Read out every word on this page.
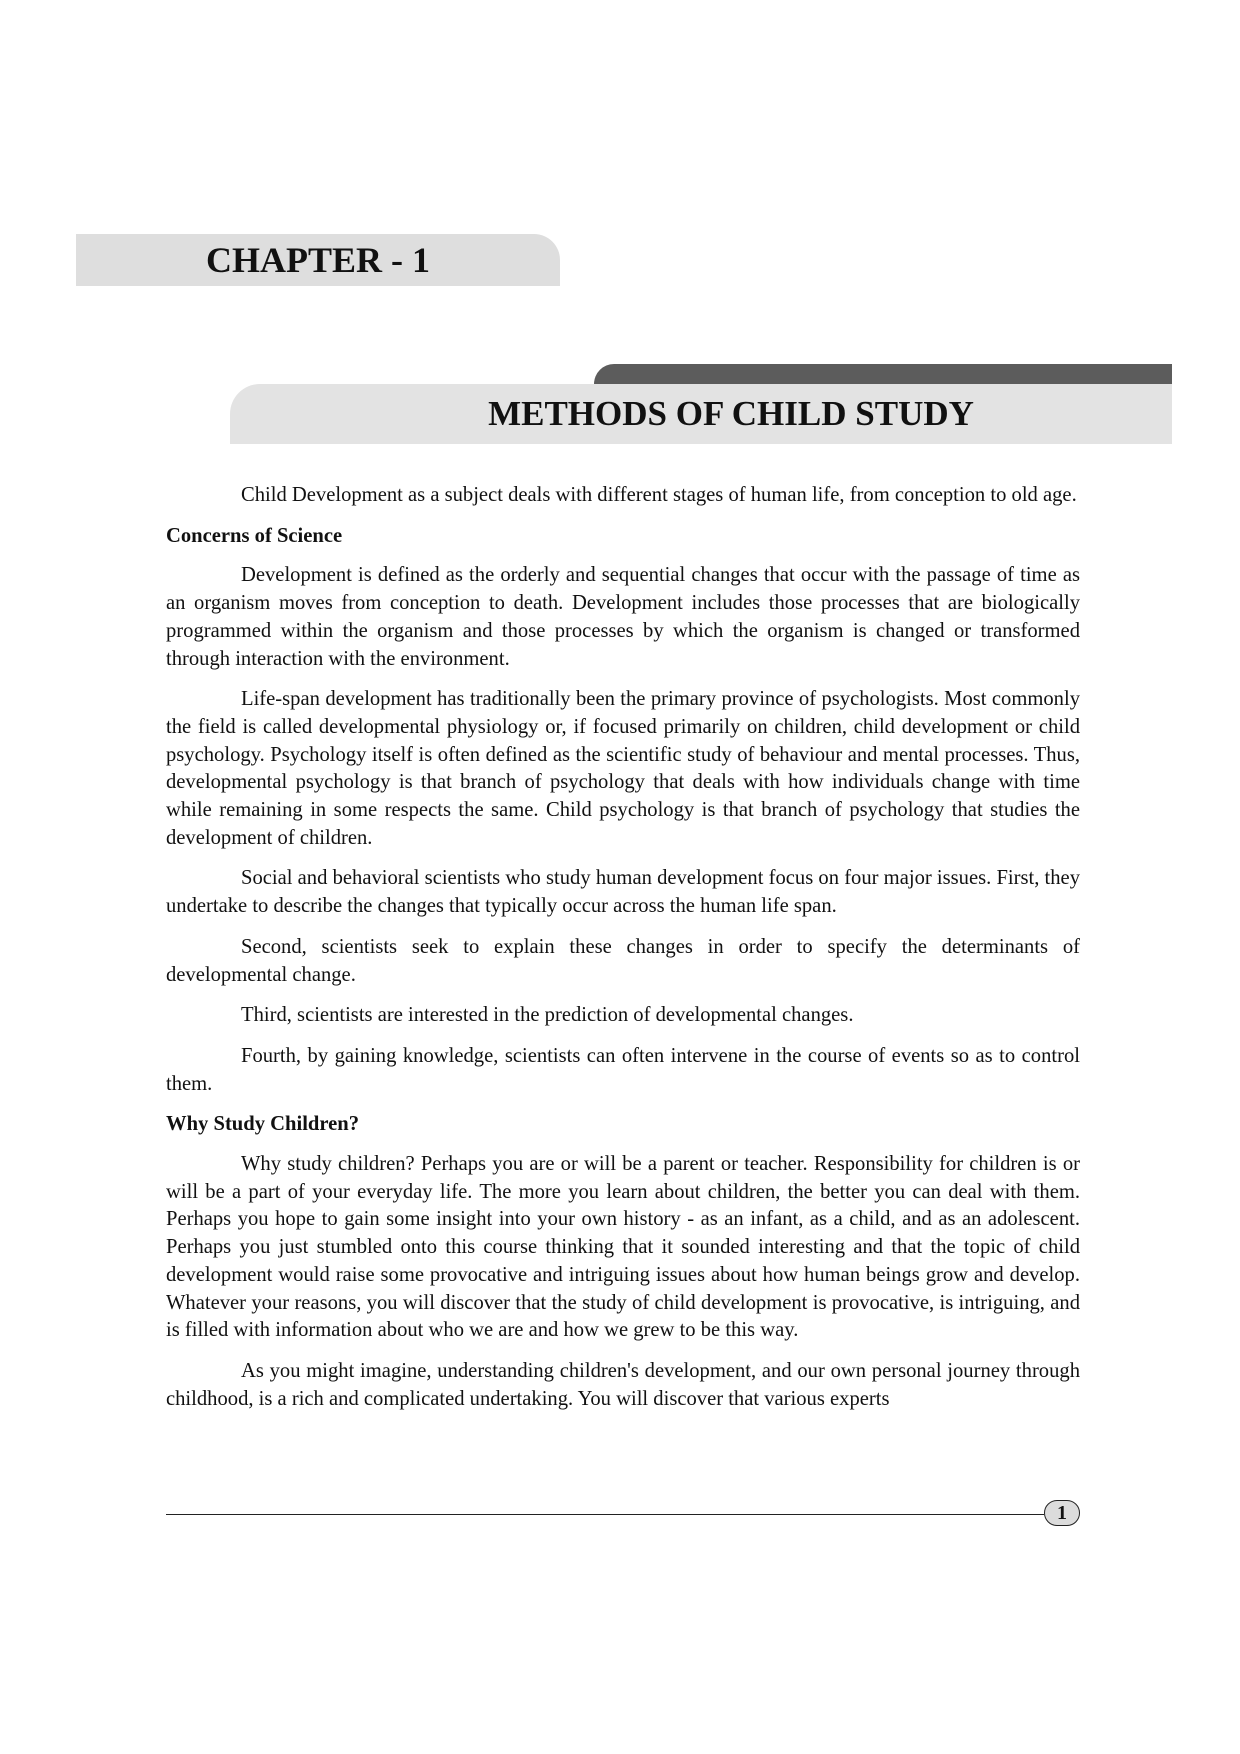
CHAPTER - 1
METHODS OF CHILD STUDY

Child Development as a subject deals with different stages of human life, from conception to old age.

Concerns of Science

Development is defined as the orderly and sequential changes that occur with the passage of time as an organism moves from conception to death. Development includes those processes that are biologically programmed within the organism and those processes by which the organism is changed or transformed through interaction with the environment.

Life-span development has traditionally been the primary province of psychologists. Most commonly the field is called developmental physiology or, if focused primarily on children, child development or child psychology. Psychology itself is often defined as the scientific study of behaviour and mental processes. Thus, developmental psychology is that branch of psychology that deals with how individuals change with time while remaining in some respects the same. Child psychology is that branch of psychology that studies the development of children.

Social and behavioral scientists who study human development focus on four major issues. First, they undertake to describe the changes that typically occur across the human life span.

Second, scientists seek to explain these changes in order to specify the determinants of developmental change.

Third, scientists are interested in the prediction of developmental changes.

Fourth, by gaining knowledge, scientists can often intervene in the course of events so as to control them.

Why Study Children?

Why study children? Perhaps you are or will be a parent or teacher. Responsibility for children is or will be a part of your everyday life. The more you learn about children, the better you can deal with them. Perhaps you hope to gain some insight into your own history - as an infant, as a child, and as an adolescent. Perhaps you just stumbled onto this course thinking that it sounded interesting and that the topic of child development would raise some provocative and intriguing issues about how human beings grow and develop. Whatever your reasons, you will discover that the study of child development is provocative, is intriguing, and is filled with information about who we are and how we grew to be this way.

As you might imagine, understanding children's development, and our own personal journey through childhood, is a rich and complicated undertaking. You will discover that various experts

1
